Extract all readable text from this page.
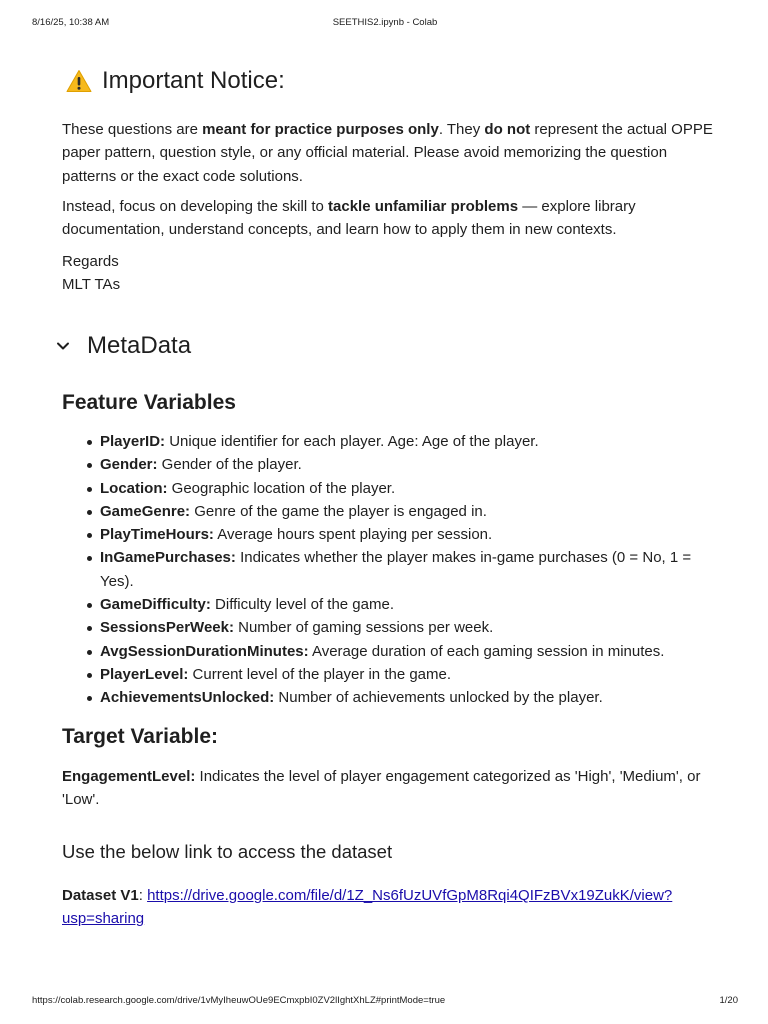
8/16/25, 10:38 AM	SEETHIS2.ipynb - Colab
Important Notice:

These questions are meant for practice purposes only. They do not represent the actual OPPE
paper pattern, question style, or any official material. Please avoid memorizing the question
patterns or the exact code solutions.

Instead, focus on developing the skill to tackle unfamiliar problems — explore library
documentation, understand concepts, and learn how to apply them in new contexts.

Regards
MLT TAs

MetaData
Feature Variables
PlayerID: Unique identifier for each player. Age: Age of the player.
Gender: Gender of the player.
Location: Geographic location of the player.
GameGenre: Genre of the game the player is engaged in.
PlayTimeHours: Average hours spent playing per session.
InGamePurchases: Indicates whether the player makes in-game purchases (0 = No, 1 =
Yes).
GameDifficulty: Difficulty level of the game.
SessionsPerWeek: Number of gaming sessions per week.
AvgSessionDurationMinutes: Average duration of each gaming session in minutes.
PlayerLevel: Current level of the player in the game.
AchievementsUnlocked: Number of achievements unlocked by the player.
Target Variable:

EngagementLevel: Indicates the level of player engagement categorized as 'High', 'Medium', or
'Low'.

Use the below link to access the dataset

Dataset V1: https://drive.google.com/file/d/1Z_Ns6fUzUVfGpM8Rqi4QIFzBVx19ZukK/view?
usp=sharing

https://colab.research.google.com/drive/1vMyIheuwOUe9ECmxpbI0ZV2lIghtXhLZ#printMode=true	1/20
